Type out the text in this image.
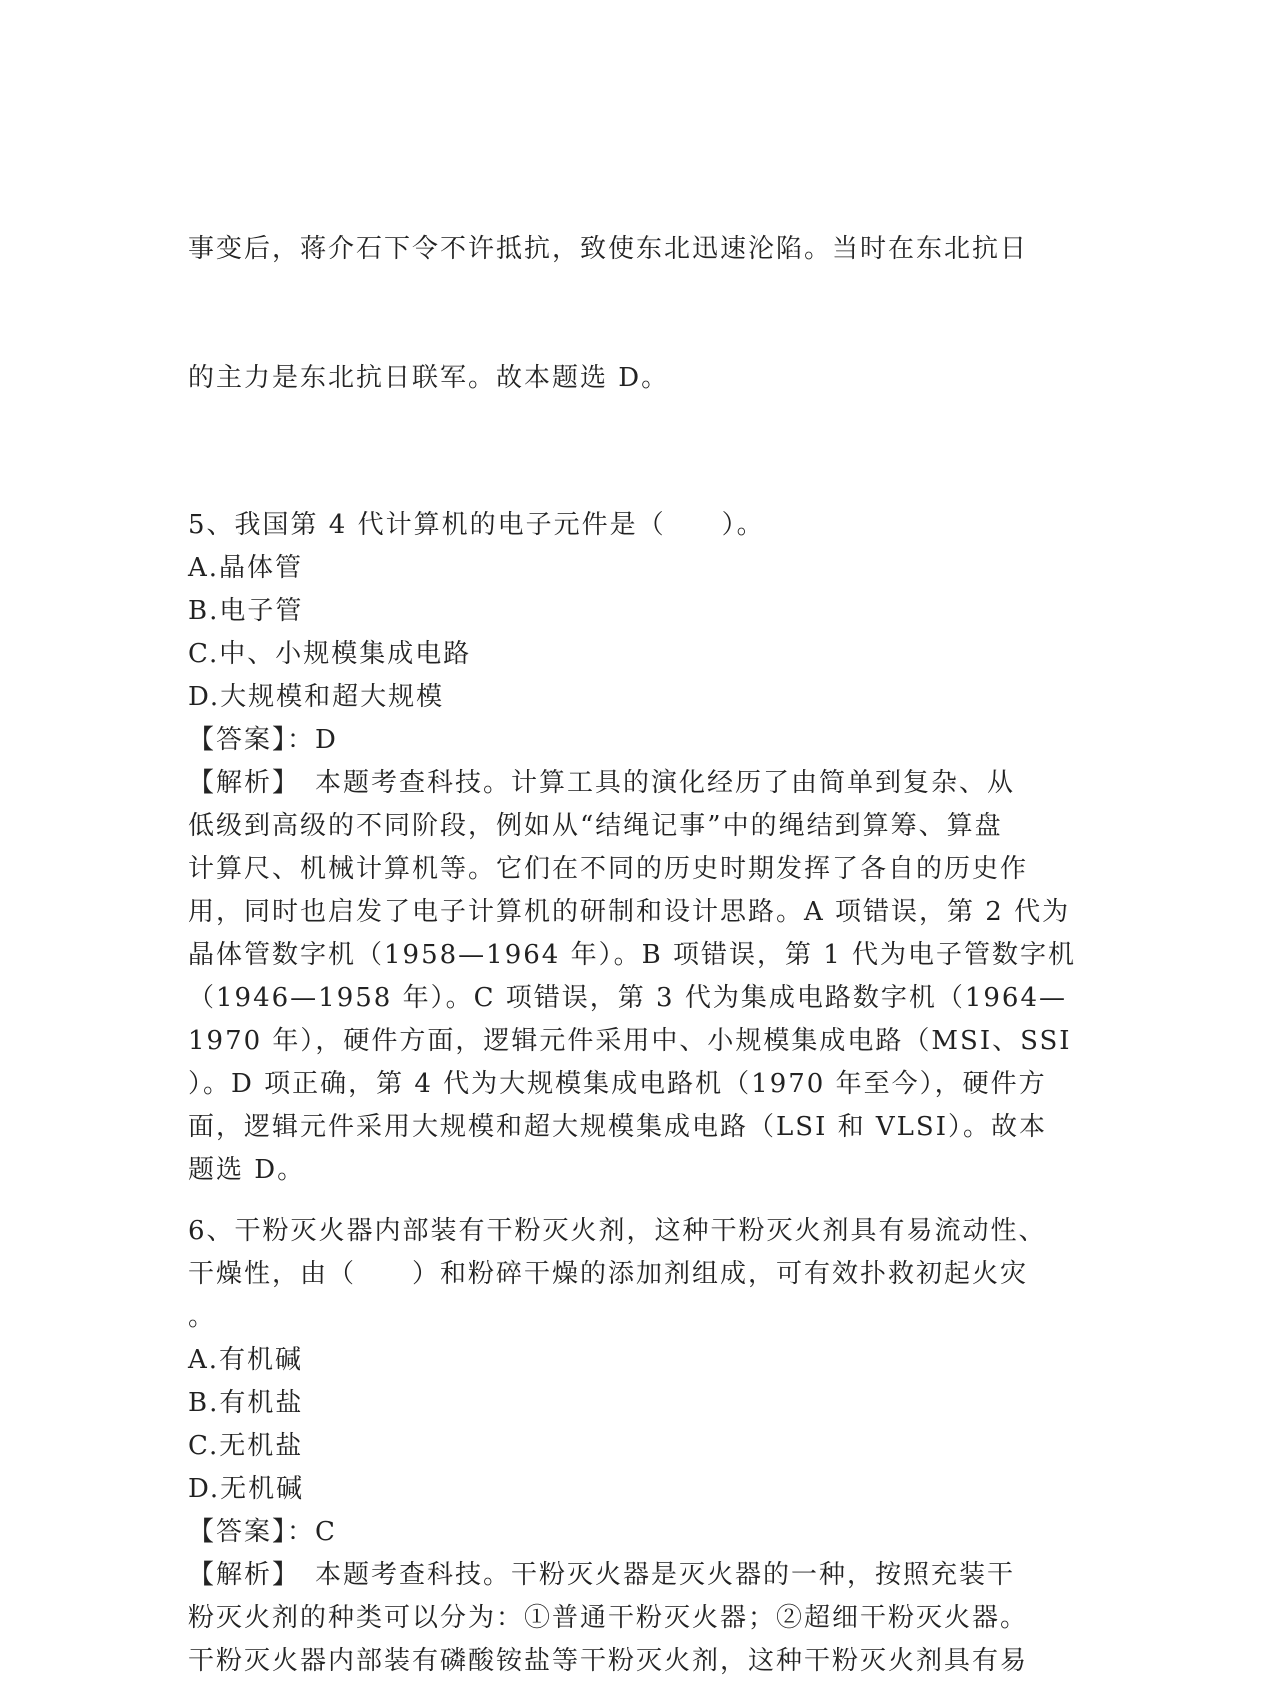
事变后，蒋介石下令不许抵抗，致使东北迅速沦陷。当时在东北抗日

的主力是东北抗日联军。故本题选 D。

5、我国第 4 代计算机的电子元件是（　　）。
A.晶体管
B.电子管
C.中、小规模集成电路
D.大规模和超大规模
【答案】：D
【解析】　本题考查科技。计算工具的演化经历了由简单到复杂、从
低级到高级的不同阶段，例如从“结绳记事”中的绳结到算筹、算盘
计算尺、机械计算机等。它们在不同的历史时期发挥了各自的历史作
用，同时也启发了电子计算机的研制和设计思路。A 项错误，第 2 代为
晶体管数字机（1958—1964 年）。B 项错误，第 1 代为电子管数字机
（1946—1958 年）。C 项错误，第 3 代为集成电路数字机（1964—
1970 年），硬件方面，逻辑元件采用中、小规模集成电路（MSI、SSI
）。D 项正确，第 4 代为大规模集成电路机（1970 年至今），硬件方
面，逻辑元件采用大规模和超大规模集成电路（LSI 和 VLSI）。故本
题选 D。
6、干粉灭火器内部装有干粉灭火剂，这种干粉灭火剂具有易流动性、
干燥性，由（　　）和粉碎干燥的添加剂组成，可有效扑救初起火灾
。
A.有机碱
B.有机盐
C.无机盐
D.无机碱
【答案】：C
【解析】　本题考查科技。干粉灭火器是灭火器的一种，按照充装干
粉灭火剂的种类可以分为：①普通干粉灭火器；②超细干粉灭火器。
干粉灭火器内部装有磷酸铵盐等干粉灭火剂，这种干粉灭火剂具有易
